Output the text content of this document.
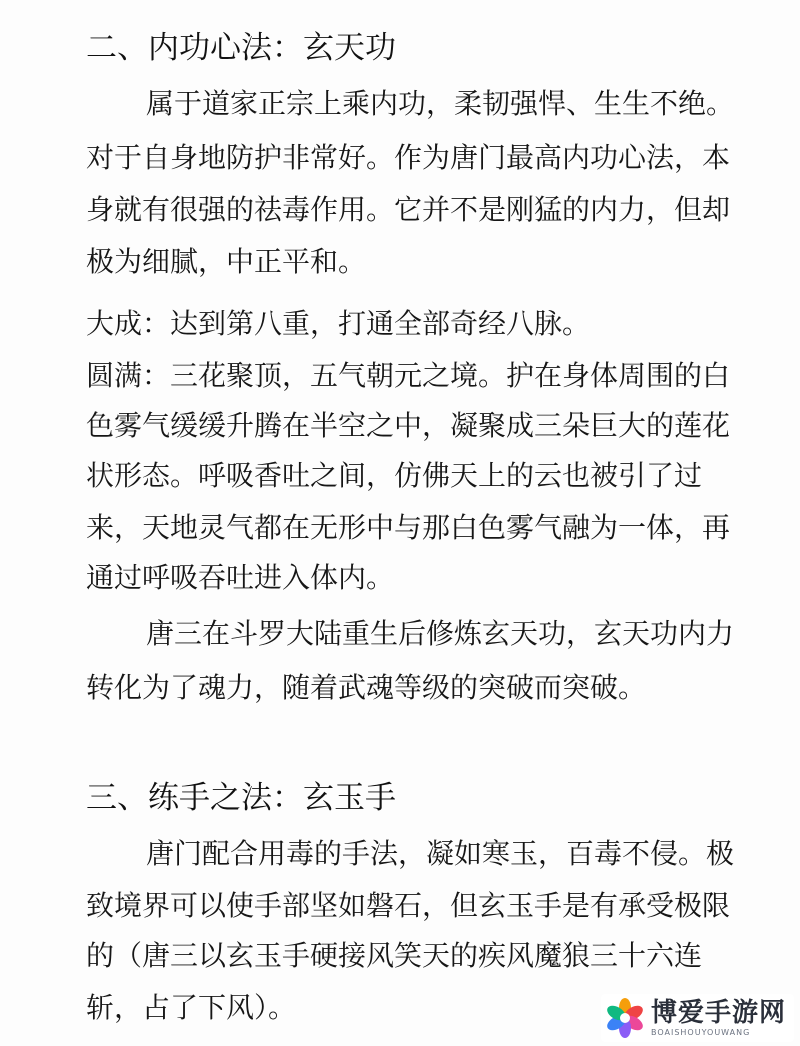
二、内功心法：玄天功
属于道家正宗上乘内功，柔韧强悍、生生不绝。
对于自身地防护非常好。作为唐门最高内功心法，本
身就有很强的祛毒作用。它并不是刚猛的内力，但却
极为细腻，中正平和。
大成：达到第八重，打通全部奇经八脉。
圆满：三花聚顶，五气朝元之境。护在身体周围的白
色雾气缓缓升腾在半空之中，凝聚成三朵巨大的莲花
状形态。呼吸香吐之间，仿佛天上的云也被引了过
来，天地灵气都在无形中与那白色雾气融为一体，再
通过呼吸吞吐进入体内。
唐三在斗罗大陆重生后修炼玄天功，玄天功内力
转化为了魂力，随着武魂等级的突破而突破。
三、练手之法：玄玉手
唐门配合用毒的手法，凝如寒玉，百毒不侵。极
致境界可以使手部坚如磐石，但玄玉手是有承受极限
的（唐三以玄玉手硬接风笑天的疾风魔狼三十六连
斩，占了下风）。	博爱手游网
BOAISHOUYOUWANG
